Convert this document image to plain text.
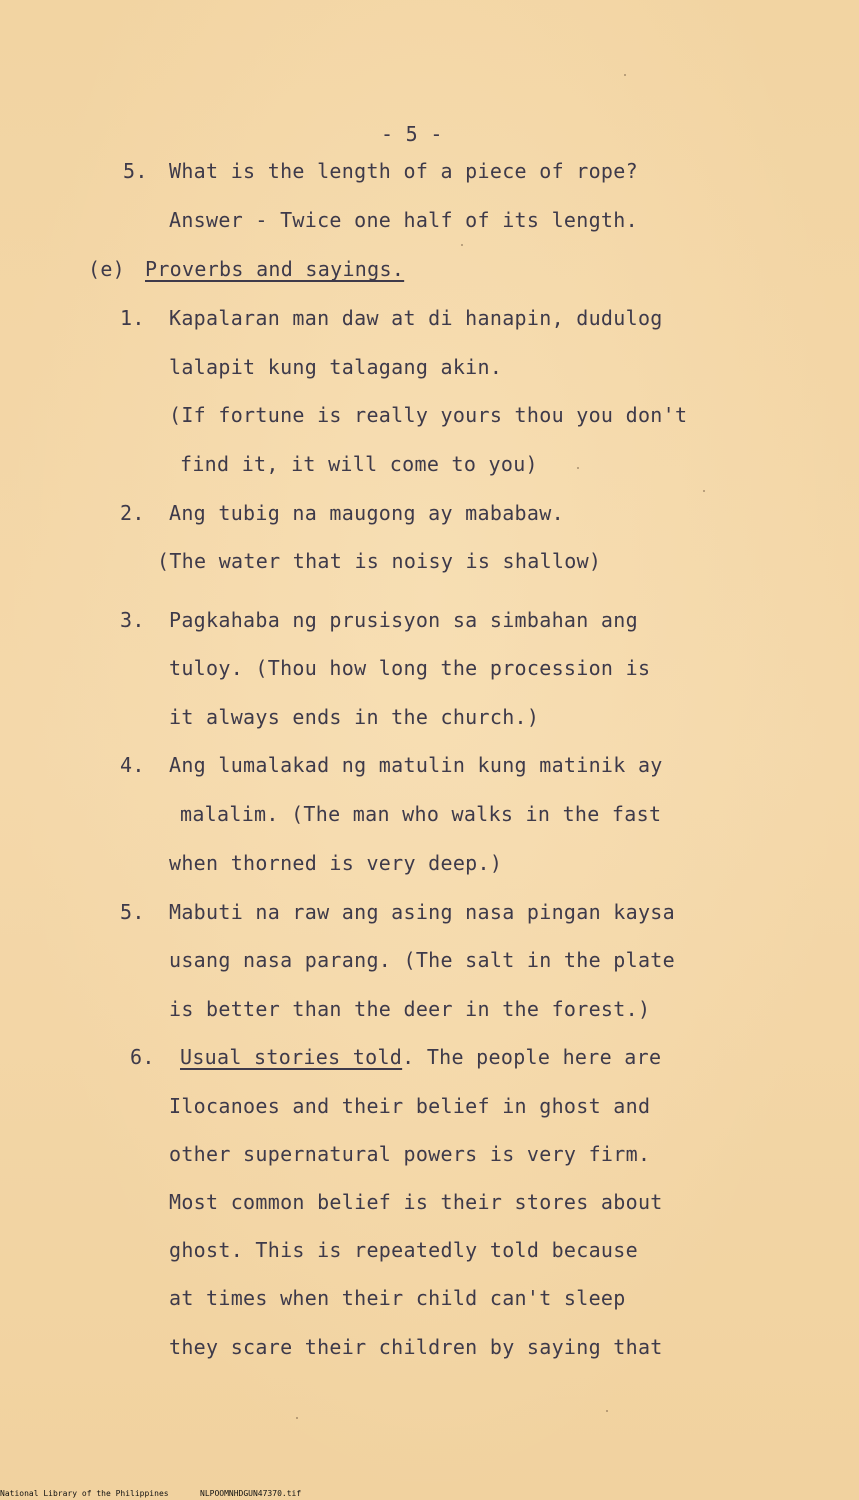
- 5 -
5. What is the length of a piece of rope?
Answer - Twice one half of its length.
(e) Proverbs and sayings.
1. Kapalaran man daw at di hanapin, dudulog
lalapit kung talagang akin.
(If fortune is really yours thou you don't
find it, it will come to you)
2. Ang tubig na maugong ay mababaw.
(The water that is noisy is shallow)
3. Pagkahaba ng prusisyon sa simbahan ang
tuloy. (Thou how long the procession is
it always ends in the church.)
4. Ang lumalakad ng matulin kung matinik ay
malalim. (The man who walks in the fast
when thorned is very deep.)
5. Mabuti na raw ang asing nasa pingan kaysa
usang nasa parang. (The salt in the plate
is better than the deer in the forest.)
6. Usual stories told. The people here are
Ilocanoes and their belief in ghost and
other supernatural powers is very firm.
Most common belief is their stores about
ghost. This is repeatedly told because
at times when their child can't sleep
they scare their children by saying that
National Library of the Philippines	NLPOOMNHDGUN47370.tif
